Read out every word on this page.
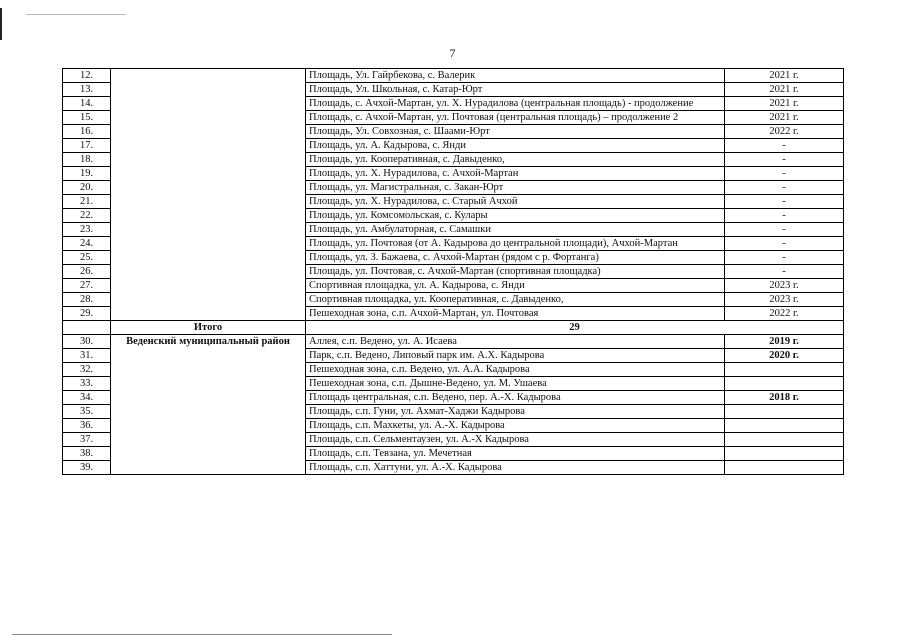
7
12.		Площадь, Ул. Гайрбекова, с. Валерик	2021 г.
13.		Площадь, Ул. Школьная, с. Катар-Юрт	2021 г.
14.		Площадь, с. Ачхой-Мартан, ул. Х. Нурадилова (центральная площадь) - продолжение	2021 г.
15.		Площадь, с. Ачхой-Мартан, ул. Почтовая (центральная площадь) – продолжение 2	2021 г.
16.		Площадь, Ул. Совхозная, с. Шаами-Юрт	2022 г.
17.		Площадь, ул. А. Кадырова, с. Янди	-
18.		Площадь, ул. Кооперативная, с. Давыденко,	-
19.		Площадь, ул. Х. Нурадилова, с. Ачхой-Мартан	-
20.		Площадь, ул. Магистральная, с. Закан-Юрт	-
21.		Площадь, ул. Х. Нурадилова, с. Старый Ачхой	-
22.		Площадь, ул. Комсомольская, с. Кулары	-
23.		Площадь, ул. Амбулаторная, с. Самашки	-
24.		Площадь, ул. Почтовая (от А. Кадырова до центральной площади), Ачхой-Мартан	-
25.		Площадь, ул. З. Бажаева, с. Ачхой-Мартан (рядом с р. Фортанга)	-
26.		Площадь, ул. Почтовая, с. Ачхой-Мартан (спортивная площадка)	-
27.		Спортивная площадка, ул. А. Кадырова, с. Янди	2023 г.
28.		Спортивная площадка, ул. Кооперативная, с. Давыденко,	2023 г.
29.		Пешеходная зона, с.п. Ачхой-Мартан, ул. Почтовая	2022 г.
	Итого	29	
30.	Веденский муниципальный район	Аллея, с.п. Ведено, ул. А. Исаева	2019 г.
31.		Парк, с.п. Ведено, Липовый парк им. А.Х. Кадырова	2020 г.
32.		Пешеходная зона, с.п. Ведено, ул. А.А. Кадырова	
33.		Пешеходная зона, с.п. Дышне-Ведено, ул. М. Ушаева	
34.		Площадь центральная, с.п. Ведено, пер. А.-Х. Кадырова	2018 г.
35.		Площадь, с.п. Гуни, ул. Ахмат-Хаджи Кадырова	
36.		Площадь, с.п. Махкеты, ул. А.-Х. Кадырова	
37.		Площадь, с.п. Сельментаузен, ул. А.-Х Кадырова	
38.		Площадь, с.п. Тевзана, ул. Мечетная	
39.		Площадь, с.п. Хаттуни, ул. А.-Х. Кадырова	
